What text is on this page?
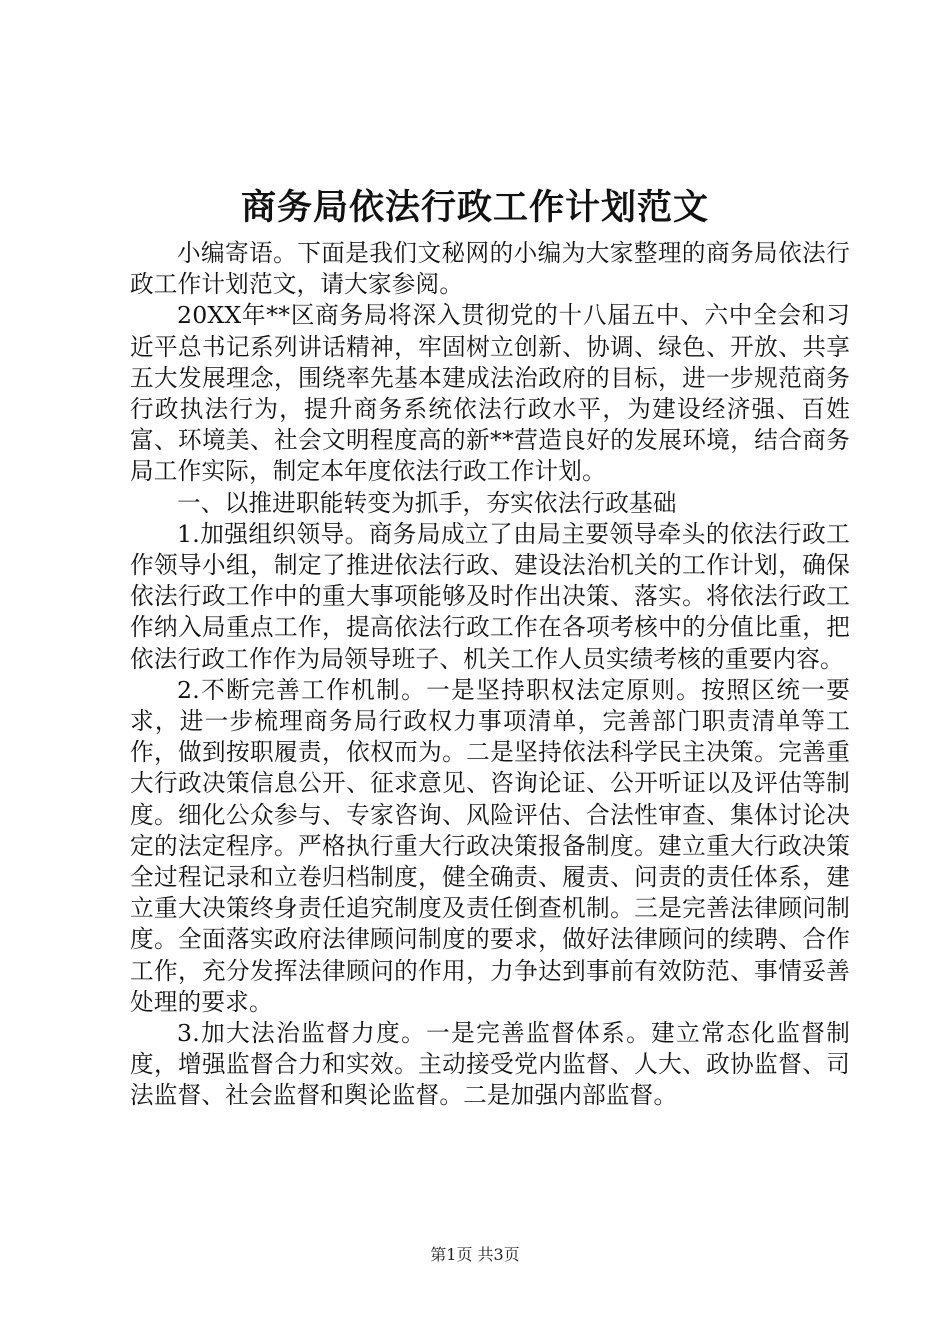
商务局依法行政工作计划范文

小编寄语。下面是我们文秘网的小编为大家整理的商务局依法行政工作计划范文，请大家参阅。

20XX年**区商务局将深入贯彻党的十八届五中、六中全会和习近平总书记系列讲话精神，牢固树立创新、协调、绿色、开放、共享五大发展理念，围绕率先基本建成法治政府的目标，进一步规范商务行政执法行为，提升商务系统依法行政水平，为建设经济强、百姓富、环境美、社会文明程度高的新**营造良好的发展环境，结合商务局工作实际，制定本年度依法行政工作计划。

一、以推进职能转变为抓手，夯实依法行政基础

1.加强组织领导。商务局成立了由局主要领导牵头的依法行政工作领导小组，制定了推进依法行政、建设法治机关的工作计划，确保依法行政工作中的重大事项能够及时作出决策、落实。将依法行政工作纳入局重点工作，提高依法行政工作在各项考核中的分值比重，把依法行政工作作为局领导班子、机关工作人员实绩考核的重要内容。

2.不断完善工作机制。一是坚持职权法定原则。按照区统一要求，进一步梳理商务局行政权力事项清单，完善部门职责清单等工作，做到按职履责，依权而为。二是坚持依法科学民主决策。完善重大行政决策信息公开、征求意见、咨询论证、公开听证以及评估等制度。细化公众参与、专家咨询、风险评估、合法性审查、集体讨论决定的法定程序。严格执行重大行政决策报备制度。建立重大行政决策全过程记录和立卷归档制度，健全确责、履责、问责的责任体系，建立重大决策终身责任追究制度及责任倒查机制。三是完善法律顾问制度。全面落实政府法律顾问制度的要求，做好法律顾问的续聘、合作工作，充分发挥法律顾问的作用，力争达到事前有效防范、事情妥善处理的要求。

3.加大法治监督力度。一是完善监督体系。建立常态化监督制度，增强监督合力和实效。主动接受党内监督、人大、政协监督、司法监督、社会监督和舆论监督。二是加强内部监督。

第1页 共3页
